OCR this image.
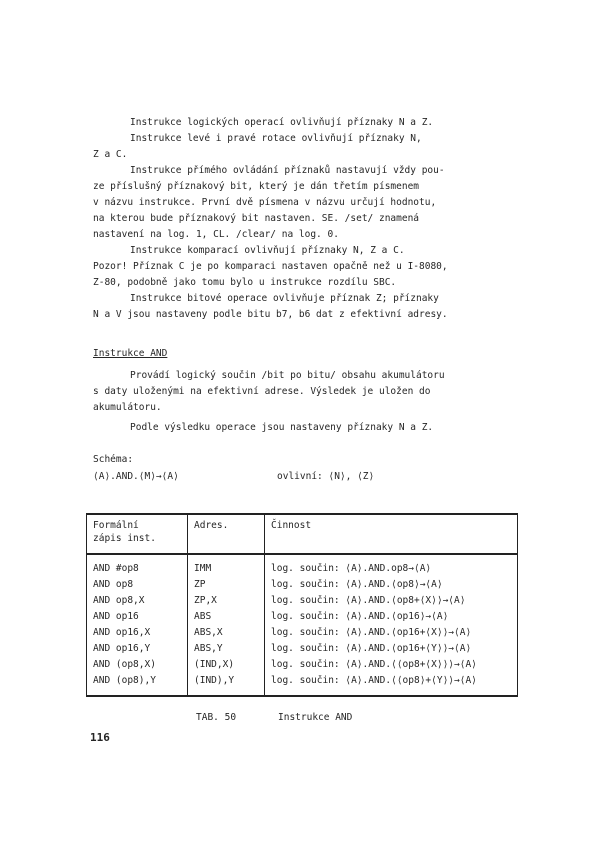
Instrukce logických operací ovlivňují příznaky N a Z.
Instrukce levé i pravé rotace ovlivňují příznaky N,
Z a C.
Instrukce přímého ovládání příznaků nastavují vždy pou-
ze příslušný příznakový bit, který je dán třetím písmenem
v názvu instrukce. První dvě písmena v názvu určují hodnotu,
na kterou bude příznakový bit nastaven. SE. /set/ znamená
nastavení na log. 1, CL. /clear/ na log. 0.
Instrukce komparací ovlivňují příznaky N, Z a C.
Pozor! Příznak C je po komparaci nastaven opačně než u I-8080,
Z-80, podobně jako tomu bylo u instrukce rozdílu SBC.
Instrukce bitové operace ovlivňuje příznak Z; příznaky
N a V jsou nastaveny podle bitu b7, b6 dat z efektivní adresy.
Instrukce AND
Provádí logický součin /bit po bitu/ obsahu akumulátoru
s daty uloženými na efektivní adrese. Výsledek je uložen do
akumulátoru.
Podle výsledku operace jsou nastaveny příznaky N a Z.
Schéma:
⟨A⟩.AND.⟨M⟩→⟨A⟩	ovlivní: ⟨N⟩, ⟨Z⟩
Formální
zápis inst.	Adres.	Činnost
AND #op8	IMM	log. součin: ⟨A⟩.AND.op8→⟨A⟩
AND op8	ZP	log. součin: ⟨A⟩.AND.⟨op8⟩→⟨A⟩
AND op8,X	ZP,X	log. součin: ⟨A⟩.AND.⟨op8+⟨X⟩⟩→⟨A⟩
AND op16	ABS	log. součin: ⟨A⟩.AND.⟨op16⟩→⟨A⟩
AND op16,X	ABS,X	log. součin: ⟨A⟩.AND.⟨op16+⟨X⟩⟩→⟨A⟩
AND op16,Y	ABS,Y	log. součin: ⟨A⟩.AND.⟨op16+⟨Y⟩⟩→⟨A⟩
AND (op8,X)	(IND,X)	log. součin: ⟨A⟩.AND.⟨⟨op8+⟨X⟩⟩⟩→⟨A⟩
AND (op8),Y	(IND),Y	log. součin: ⟨A⟩.AND.⟨⟨op8⟩+⟨Y⟩⟩→⟨A⟩
TAB. 50	Instrukce AND
116
